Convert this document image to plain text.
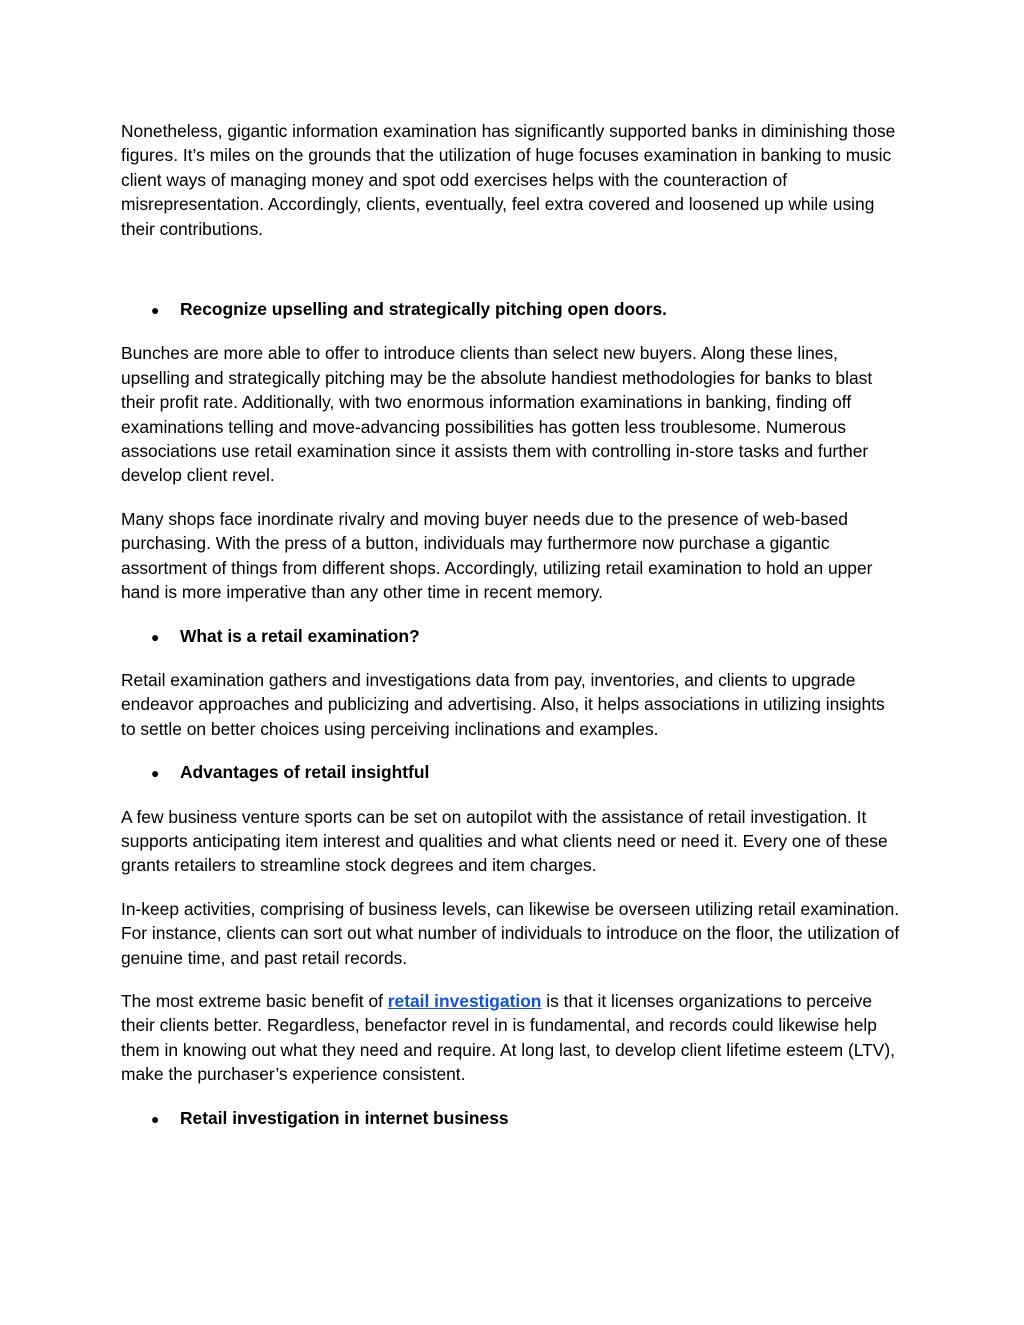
Nonetheless, gigantic information examination has significantly supported banks in diminishing those figures. It’s miles on the grounds that the utilization of huge focuses examination in banking to music client ways of managing money and spot odd exercises helps with the counteraction of misrepresentation. Accordingly, clients, eventually, feel extra covered and loosened up while using their contributions.

●	Recognize upselling and strategically pitching open doors.

Bunches are more able to offer to introduce clients than select new buyers. Along these lines, upselling and strategically pitching may be the absolute handiest methodologies for banks to blast their profit rate. Additionally, with two enormous information examinations in banking, finding off examinations telling and move-advancing possibilities has gotten less troublesome. Numerous associations use retail examination since it assists them with controlling in-store tasks and further develop client revel.

Many shops face inordinate rivalry and moving buyer needs due to the presence of web-based purchasing. With the press of a button, individuals may furthermore now purchase a gigantic assortment of things from different shops. Accordingly, utilizing retail examination to hold an upper hand is more imperative than any other time in recent memory.

●	What is a retail examination?

Retail examination gathers and investigations data from pay, inventories, and clients to upgrade endeavor approaches and publicizing and advertising. Also, it helps associations in utilizing insights to settle on better choices using perceiving inclinations and examples.

●	Advantages of retail insightful

A few business venture sports can be set on autopilot with the assistance of retail investigation. It supports anticipating item interest and qualities and what clients need or need it. Every one of these grants retailers to streamline stock degrees and item charges.

In-keep activities, comprising of business levels, can likewise be overseen utilizing retail examination. For instance, clients can sort out what number of individuals to introduce on the floor, the utilization of genuine time, and past retail records.

The most extreme basic benefit of retail investigation is that it licenses organizations to perceive their clients better. Regardless, benefactor revel in is fundamental, and records could likewise help them in knowing out what they need and require. At long last, to develop client lifetime esteem (LTV), make the purchaser’s experience consistent.

●	Retail investigation in internet business
